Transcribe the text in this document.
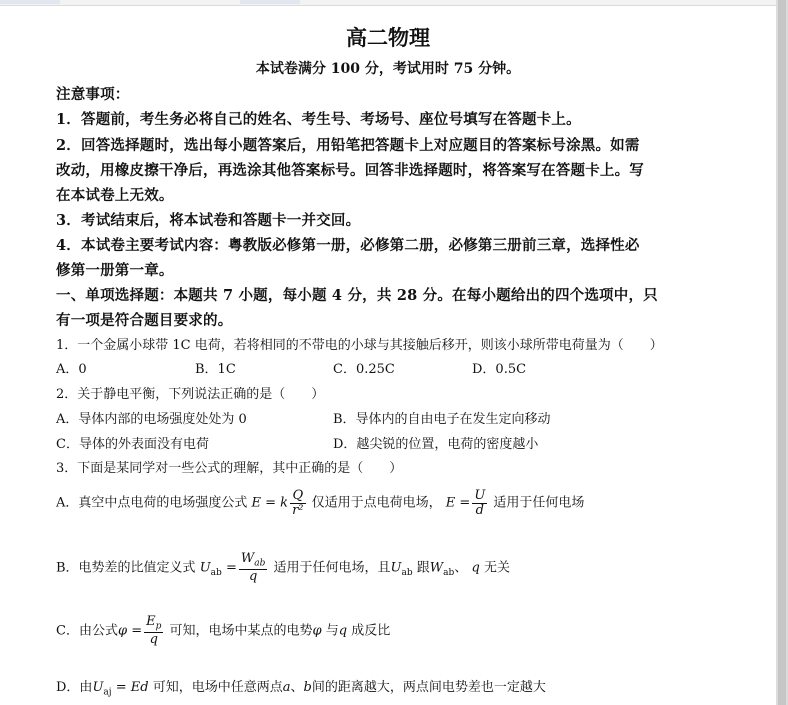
高二物理
本试卷满分 100 分，考试用时 75 分钟。
注意事项：
1．答题前，考生务必将自己的姓名、考生号、考场号、座位号填写在答题卡上。
2．回答选择题时，选出每小题答案后，用铅笔把答题卡上对应题目的答案标号涂黑。如需
改动，用橡皮擦干净后，再选涂其他答案标号。回答非选择题时，将答案写在答题卡上。写
在本试卷上无效。
3．考试结束后，将本试卷和答题卡一并交回。
4．本试卷主要考试内容：粤教版必修第一册，必修第二册，必修第三册前三章，选择性必
修第一册第一章。
一、单项选择题：本题共 7 小题，每小题 4 分，共 28 分。在每小题给出的四个选项中，只
有一项是符合题目要求的。
1．一个金属小球带 1C 电荷，若将相同的不带电的小球与其接触后移开，则该小球所带电荷量为（　　）
A．0	B．1C	C．0.25C	D．0.5C
2．关于静电平衡，下列说法正确的是（　　）
A．导体内部的电场强度处处为 0	B．导体内的自由电子在发生定向移动
C．导体的外表面没有电荷	D．越尖锐的位置，电荷的密度越小
3．下面是某同学对一些公式的理解，其中正确的是（　　）
A．真空中点电荷的电场强度公式 E = k $\frac{Q}{\text{r²}}$ 仅适用于点电荷电场， $E = \frac{U}{d}$ 适用于任何电场
B．电势差的比值定义式 $U_{ab} = \frac{W_{ab}}{q}$ 适用于任何电场，且$U_{ab}$ 跟$W_{ab}$、 q 无关
C．由公式$\varphi = \frac{E_p}{q}$ 可知，电场中某点的电势φ 与q 成反比
D．由$U_{aj} = Ed$ 可知，电场中任意两点a、b间的距离越大，两点间电势差也一定越大
